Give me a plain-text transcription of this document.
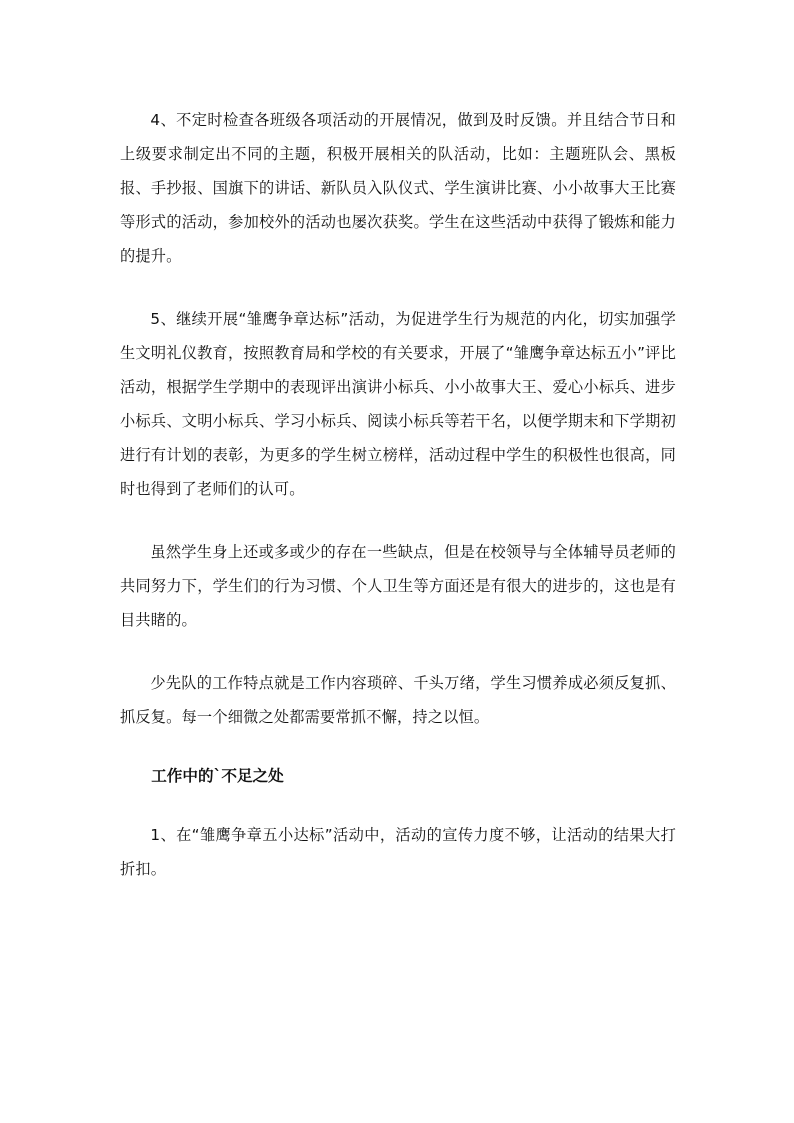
4、不定时检查各班级各项活动的开展情况，做到及时反馈。并且结合节日和上级要求制定出不同的主题，积极开展相关的队活动，比如：主题班队会、黑板报、手抄报、国旗下的讲话、新队员入队仪式、学生演讲比赛、小小故事大王比赛等形式的活动，参加校外的活动也屡次获奖。学生在这些活动中获得了锻炼和能力的提升。

5、继续开展“雏鹰争章达标”活动，为促进学生行为规范的内化，切实加强学生文明礼仪教育，按照教育局和学校的有关要求，开展了“雏鹰争章达标五小”评比活动，根据学生学期中的表现评出演讲小标兵、小小故事大王、爱心小标兵、进步小标兵、文明小标兵、学习小标兵、阅读小标兵等若干名，以便学期末和下学期初进行有计划的表彰，为更多的学生树立榜样，活动过程中学生的积极性也很高，同时也得到了老师们的认可。

虽然学生身上还或多或少的存在一些缺点，但是在校领导与全体辅导员老师的共同努力下，学生们的行为习惯、个人卫生等方面还是有很大的进步的，这也是有目共睹的。

少先队的工作特点就是工作内容琐碎、千头万绪，学生习惯养成必须反复抓、抓反复。每一个细微之处都需要常抓不懈，持之以恒。

工作中的`不足之处

1、在“雏鹰争章五小达标”活动中，活动的宣传力度不够，让活动的结果大打折扣。
